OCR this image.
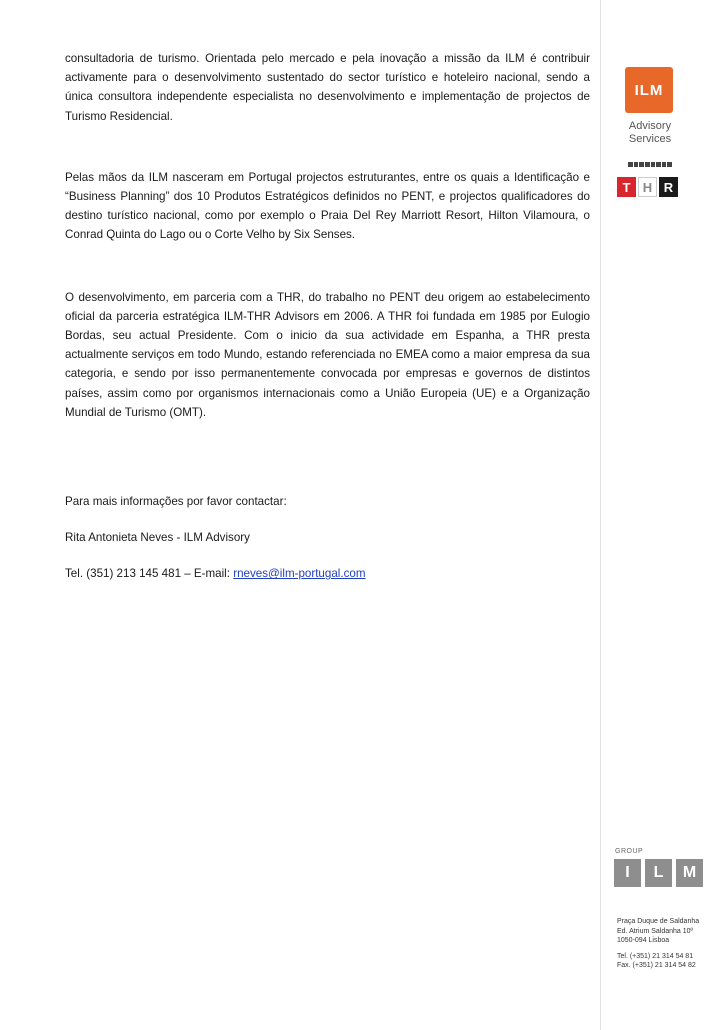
consultadoria de turismo. Orientada pelo mercado e pela inovação a missão da ILM é contribuir activamente para o desenvolvimento sustentado do sector turístico e hoteleiro nacional, sendo a única consultora independente especialista no desenvolvimento e implementação de projectos de Turismo Residencial.

Pelas mãos da ILM nasceram em Portugal projectos estruturantes, entre os quais a Identificação e “Business Planning” dos 10 Produtos Estratégicos definidos no PENT, e projectos qualificadores do destino turístico nacional, como por exemplo o Praia Del Rey Marriott Resort, Hilton Vilamoura, o Conrad Quinta do Lago ou o Corte Velho by Six Senses.

O desenvolvimento, em parceria com a THR, do trabalho no PENT deu origem ao estabelecimento oficial da parceria estratégica ILM-THR Advisors em 2006. A THR foi fundada em 1985 por Eulogio Bordas, seu actual Presidente. Com o inicio da sua actividade em Espanha, a THR presta actualmente serviços em todo Mundo, estando referenciada no EMEA como a maior empresa da sua categoria, e sendo por isso permanentemente convocada por empresas e governos de distintos países, assim como por organismos internacionais como a União Europeia (UE) e a Organização Mundial de Turismo (OMT).

Para mais informações por favor contactar:

Rita Antonieta Neves - ILM Advisory

Tel. (351) 213 145 481 – E-mail: rneves@ilm-portugal.com

ILM
Advisory
Services
T H R
GROUP
I	L	M
Praça Duque de Saldanha
Ed. Atrium Saldanha 10º
1050-094 Lisboa
Tel. (+351) 21 314 54 81
Fax. (+351) 21 314 54 82
